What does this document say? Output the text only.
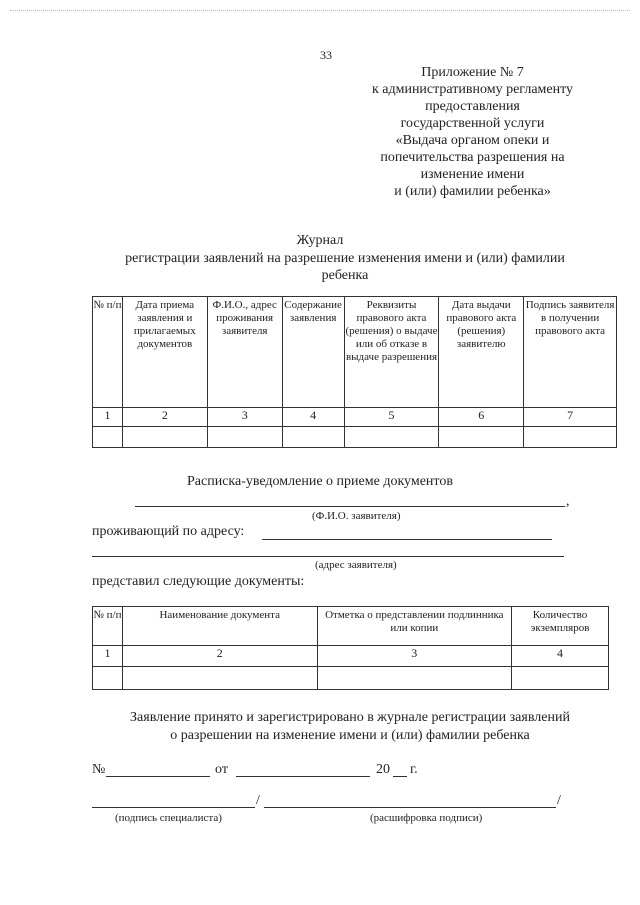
33
Приложение № 7
к административному регламенту
предоставления
государственной услуги
«Выдача органом опеки и
попечительства разрешения на
изменение имени
и (или) фамилии ребенка»
Журнал
регистрации заявлений на разрешение изменения имени и (или) фамилии
ребенка
№ п/п	Дата приема заявления и прилагаемых документов	Ф.И.О., адрес проживания заявителя	Содержание заявления	Реквизиты правового акта (решения) о выдаче или об отказе в выдаче разрешения	Дата выдачи правового акта (решения) заявителю	Подпись заявителя в получении правового акта
1	2	3	4	5	6	7

Расписка-уведомление о приеме документов
,
(Ф.И.О. заявителя)
проживающий по адресу:
(адрес заявителя)
представил следующие документы:
№ п/п	Наименование документа	Отметка о представлении подлинника или копии	Количество экземпляров
1	2	3	4

Заявление принято и зарегистрировано в журнале регистрации заявлений
о разрешении на изменение имени и (или) фамилии ребенка
№	от	20 г.
/	/
(подпись специалиста)	(расшифровка подписи)
